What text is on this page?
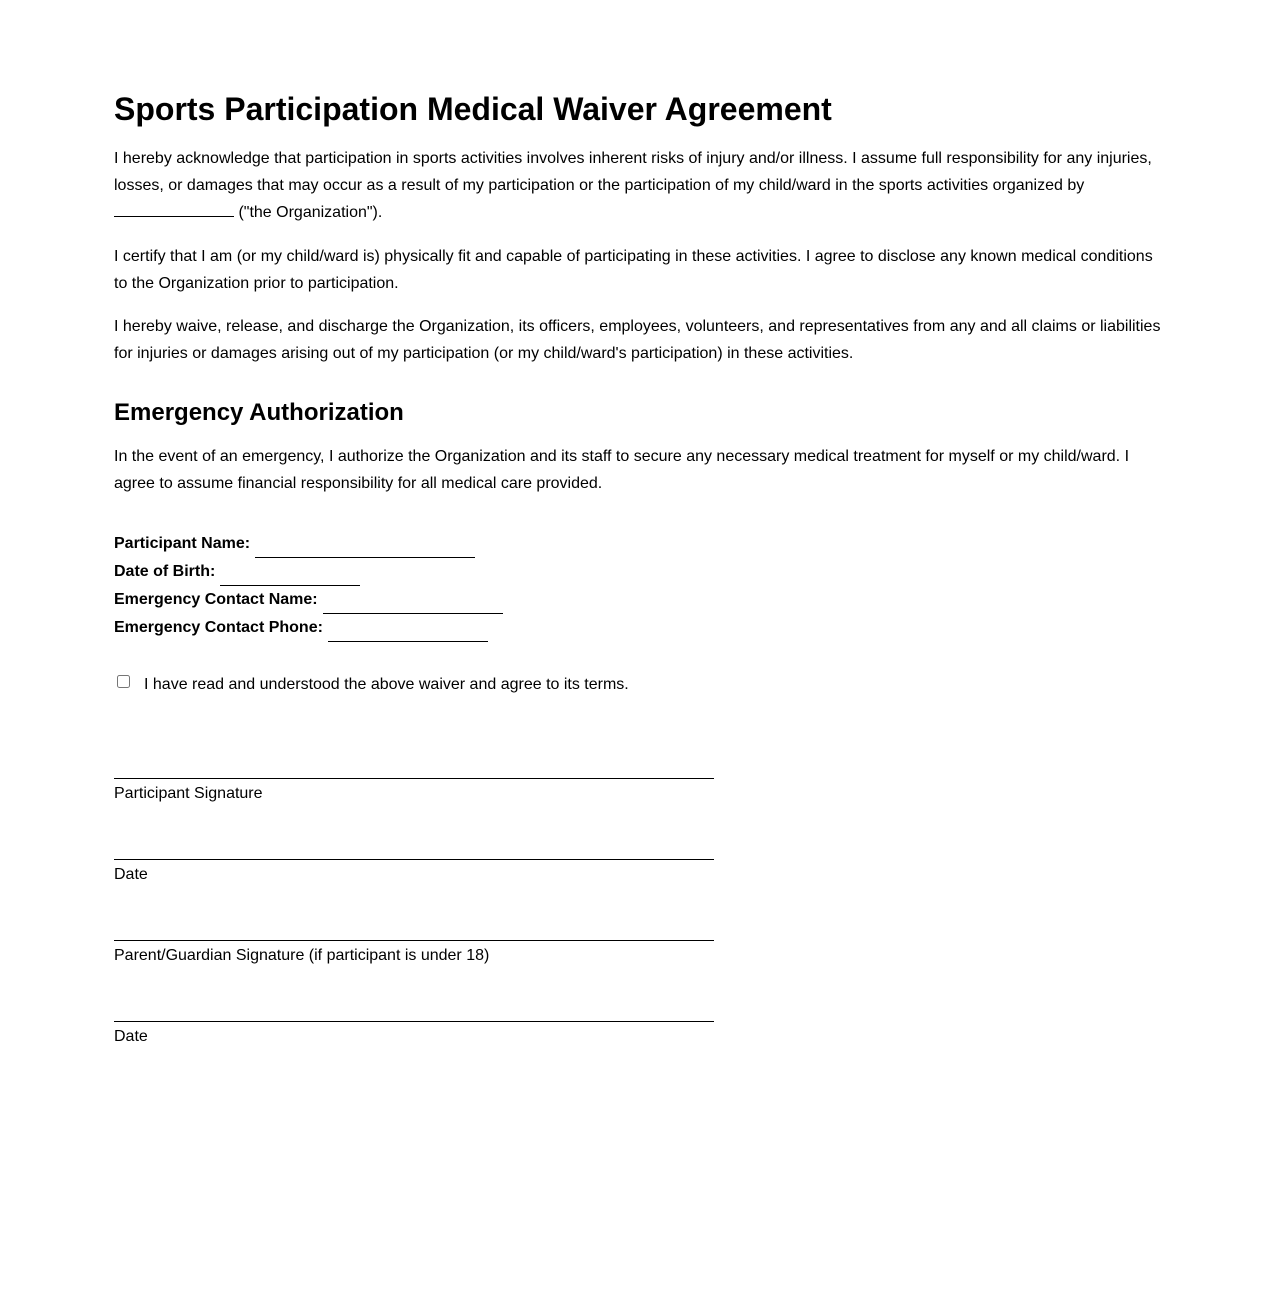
Sports Participation Medical Waiver Agreement

I hereby acknowledge that participation in sports activities involves inherent risks of injury and/or illness. I assume full responsibility for any injuries, losses, or damages that may occur as a result of my participation or the participation of my child/ward in the sports activities organized by
("the Organization").

I certify that I am (or my child/ward is) physically fit and capable of participating in these activities. I agree to disclose any known medical conditions to the Organization prior to participation.

I hereby waive, release, and discharge the Organization, its officers, employees, volunteers, and representatives from any and all claims or liabilities for injuries or damages arising out of my participation (or my child/ward's participation) in these activities.

Emergency Authorization

In the event of an emergency, I authorize the Organization and its staff to secure any necessary medical treatment for myself or my child/ward. I agree to assume financial responsibility for all medical care provided.

Participant Name:
Date of Birth:
Emergency Contact Name:
Emergency Contact Phone:
I have read and understood the above waiver and agree to its terms.
Participant Signature
Date
Parent/Guardian Signature (if participant is under 18)
Date
